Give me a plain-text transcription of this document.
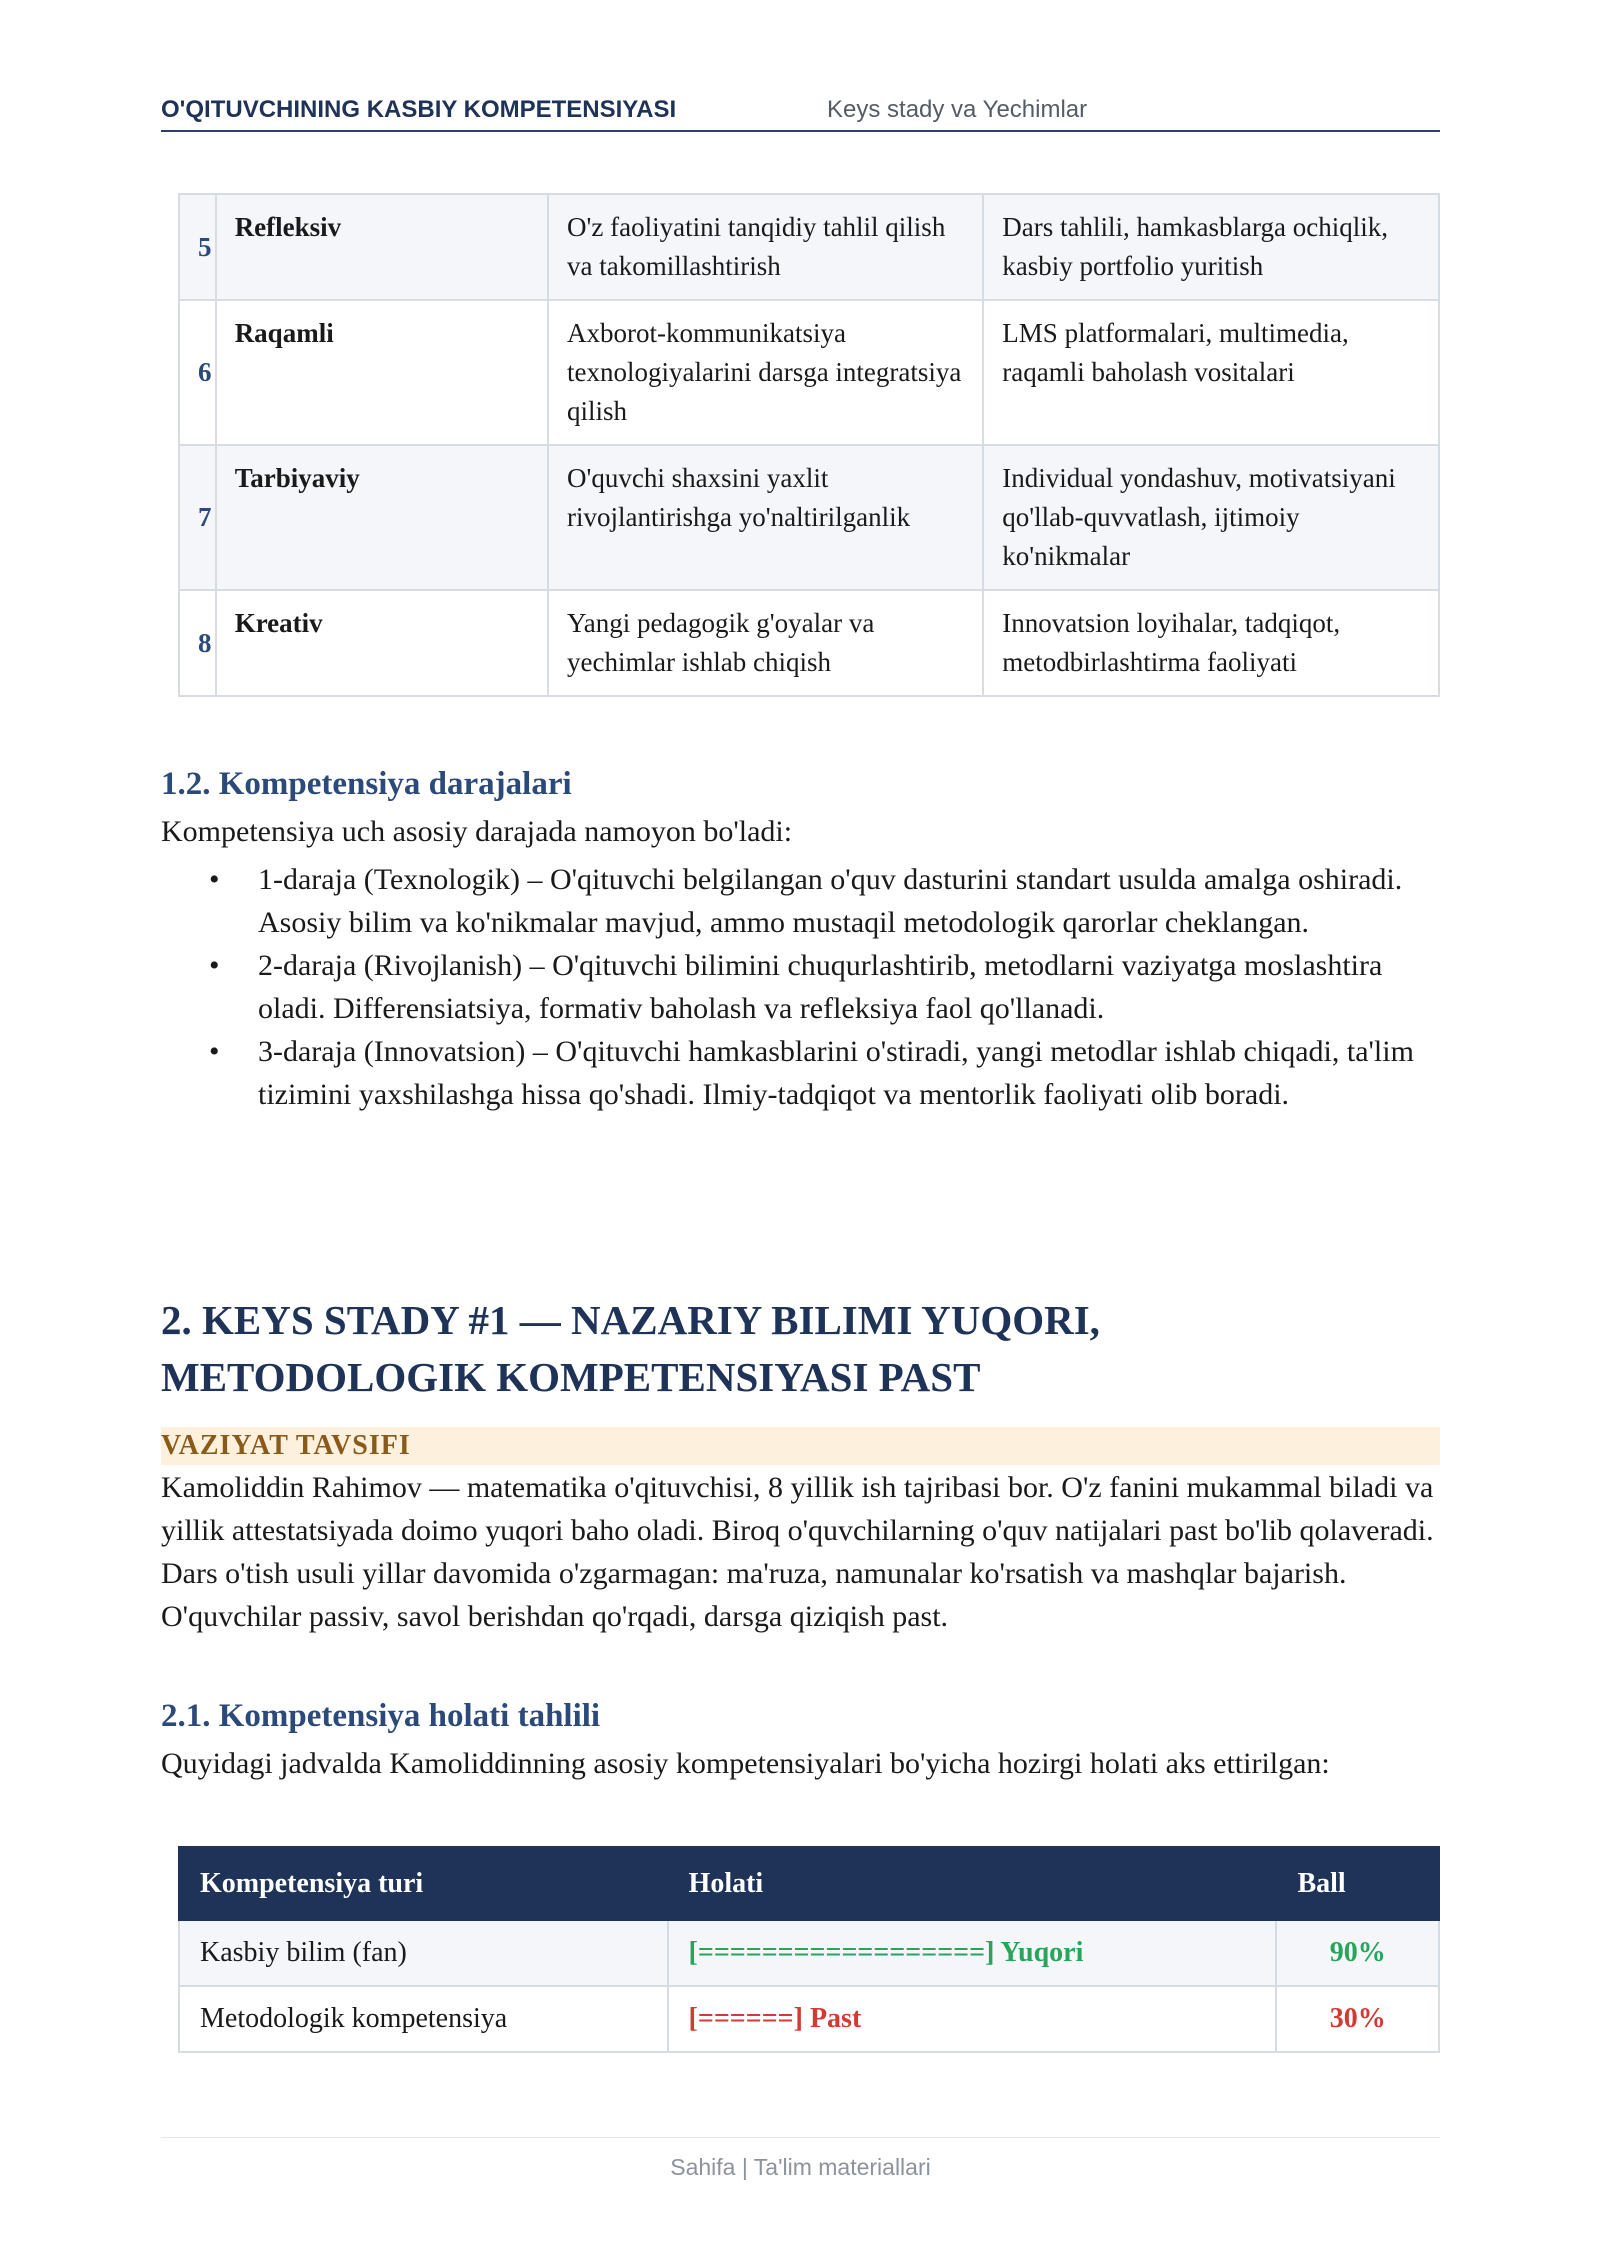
O'QITUVCHINING KASBIY KOMPETENSIYASI	Keys stady va Yechimlar
5	Refleksiv	O'z faoliyatini tanqidiy tahlil qilish va takomillashtirish	Dars tahlili, hamkasblarga ochiqlik, kasbiy portfolio yuritish
6	Raqamli	Axborot-kommunikatsiya texnologiyalarini darsga integratsiya qilish	LMS platformalari, multimedia, raqamli baholash vositalari
7	Tarbiyaviy	O'quvchi shaxsini yaxlit rivojlantirishga yo'naltirilganlik	Individual yondashuv, motivatsiyani qo'llab-quvvatlash, ijtimoiy ko'nikmalar
8	Kreativ	Yangi pedagogik g'oyalar va yechimlar ishlab chiqish	Innovatsion loyihalar, tadqiqot, metodbirlashtirma faoliyati
1.2. Kompetensiya darajalari
Kompetensiya uch asosiy darajada namoyon bo'ladi:
• 1-daraja (Texnologik) – O'qituvchi belgilangan o'quv dasturini standart usulda amalga oshiradi. Asosiy bilim va ko'nikmalar mavjud, ammo mustaqil metodologik qarorlar cheklangan.
• 2-daraja (Rivojlanish) – O'qituvchi bilimini chuqurlashtirib, metodlarni vaziyatga moslashtira oladi. Differensiatsiya, formativ baholash va refleksiya faol qo'llanadi.
• 3-daraja (Innovatsion) – O'qituvchi hamkasblarini o'stiradi, yangi metodlar ishlab chiqadi, ta'lim tizimini yaxshilashga hissa qo'shadi. Ilmiy-tadqiqot va mentorlik faoliyati olib boradi.
2. KEYS STADY #1 — NAZARIY BILIMI YUQORI,
METODOLOGIK KOMPETENSIYASI PAST
VAZIYAT TAVSIFI
Kamoliddin Rahimov — matematika o'qituvchisi, 8 yillik ish tajribasi bor. O'z fanini mukammal biladi va yillik attestatsiyada doimo yuqori baho oladi. Biroq o'quvchilarning o'quv natijalari past bo'lib qolaveradi. Dars o'tish usuli yillar davomida o'zgarmagan: ma'ruza, namunalar ko'rsatish va mashqlar bajarish. O'quvchilar passiv, savol berishdan qo'rqadi, darsga qiziqish past.
2.1. Kompetensiya holati tahlili
Quyidagi jadvalda Kamoliddinning asosiy kompetensiyalari bo'yicha hozirgi holati aks ettirilgan:
Kompetensiya turi	Holati	Ball
Kasbiy bilim (fan)	[==================] Yuqori	90%
Metodologik kompetensiya	[======] Past	30%
Sahifa | Ta'lim materiallari
